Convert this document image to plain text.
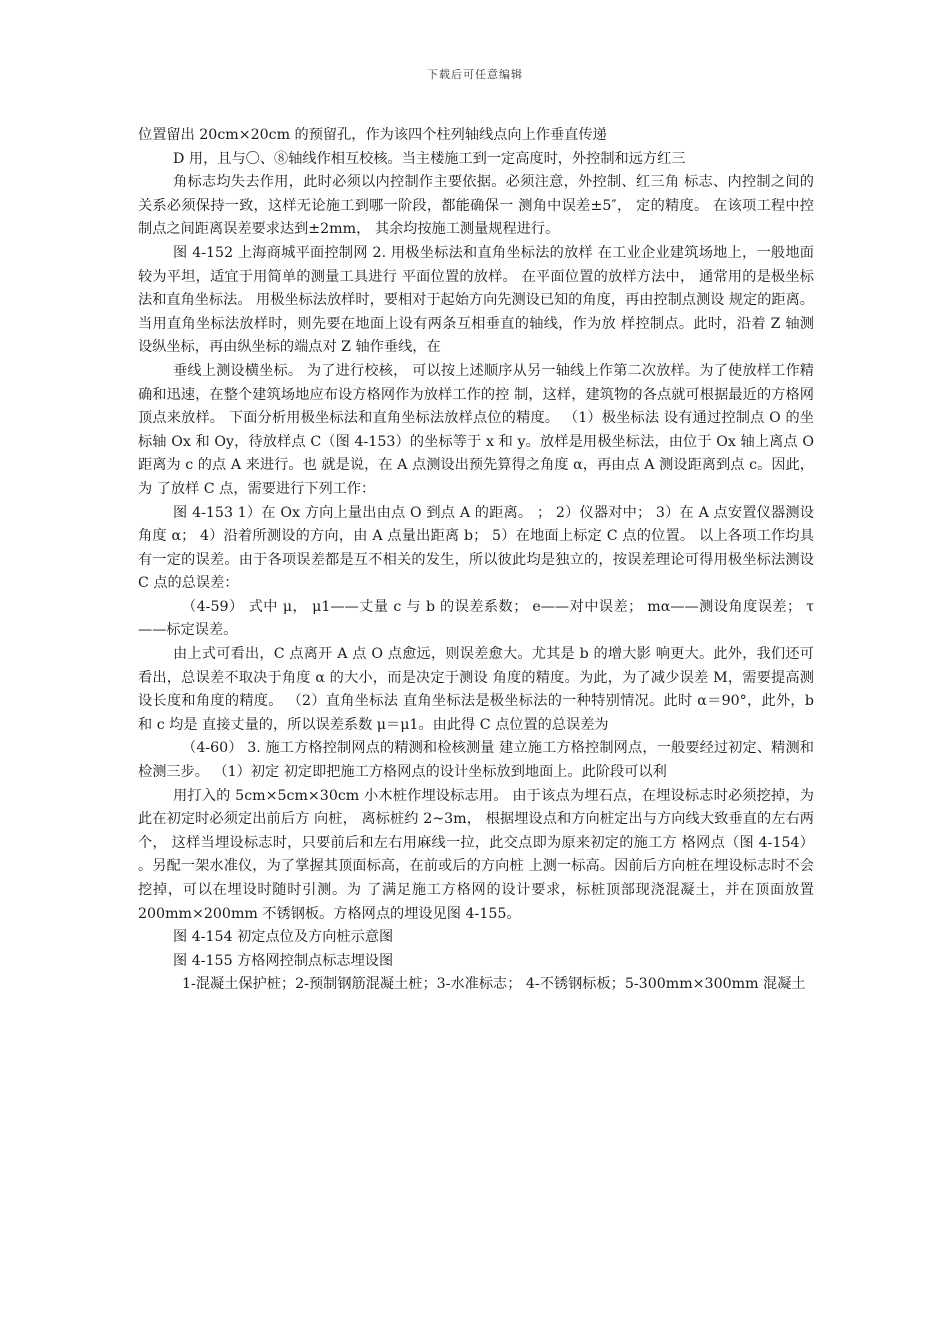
下载后可任意编辑

位置留出 20cm×20cm 的预留孔，作为该四个柱列轴线点向上作垂直传递

D 用，且与〇、⑧轴线作相互校核。当主楼施工到一定高度时，外控制和远方红三

角标志均失去作用，此时必须以内控制作主要依据。必须注意，外控制、红三角 标志、内控制之间的关系必须保持一致，这样无论施工到哪一阶段，都能确保一 测角中误差±5″， 定的精度。 在该项工程中控制点之间距离误差要求达到±2mm， 其余均按施工测量规程进行。

图 4-152 上海商城平面控制网 2. 用极坐标法和直角坐标法的放样 在工业企业建筑场地上，一般地面较为平坦，适宜于用简单的测量工具进行 平面位置的放样。 在平面位置的放样方法中， 通常用的是极坐标法和直角坐标法。 用极坐标法放样时，要相对于起始方向先测设已知的角度，再由控制点测设 规定的距离。 当用直角坐标法放样时，则先要在地面上设有两条互相垂直的轴线，作为放 样控制点。此时，沿着 Z 轴测设纵坐标，再由纵坐标的端点对 Z 轴作垂线，在

垂线上测设横坐标。 为了进行校核， 可以按上述顺序从另一轴线上作第二次放样。为了使放样工作精确和迅速，在整个建筑场地应布设方格网作为放样工作的控 制，这样，建筑物的各点就可根据最近的方格网顶点来放样。 下面分析用极坐标法和直角坐标法放样点位的精度。 （1）极坐标法 设有通过控制点 O 的坐标轴 Ox 和 Oy，待放样点 C（图 4-153）的坐标等于 x 和 y。放样是用极坐标法，由位于 Ox 轴上离点 O 距离为 c 的点 A 来进行。也 就是说，在 A 点测设出预先算得之角度 α，再由点 A 测设距离到点 c。因此，为 了放样 C 点，需要进行下列工作：

图 4-153 1）在 Ox 方向上量出由点 O 到点 A 的距离。 ； 2）仪器对中； 3）在 A 点安置仪器测设角度 α； 4）沿着所测设的方向，由 A 点量出距离 b； 5）在地面上标定 C 点的位置。 以上各项工作均具有一定的误差。由于各项误差都是互不相关的发生，所以彼此均是独立的，按误差理论可得用极坐标法测设 C 点的总误差：

（4-59） 式中 μ， μ1——丈量 c 与 b 的误差系数； e——对中误差； mα——测设角度误差； τ——标定误差。

由上式可看出，C 点离开 A 点 O 点愈远，则误差愈大。尤其是 b 的增大影 响更大。此外，我们还可看出，总误差不取决于角度 α 的大小，而是决定于测设 角度的精度。为此，为了减少误差 M，需要提高测设长度和角度的精度。 （2）直角坐标法 直角坐标法是极坐标法的一种特别情况。此时 α＝90°，此外，b 和 c 均是 直接丈量的，所以误差系数 μ＝μ1。由此得 C 点位置的总误差为

（4-60） 3. 施工方格控制网点的精测和检核测量 建立施工方格控制网点，一般要经过初定、精测和检测三步。 （1）初定 初定即把施工方格网点的设计坐标放到地面上。此阶段可以利

用打入的 5cm×5cm×30cm 小木桩作埋设标志用。 由于该点为埋石点，在埋设标志时必须挖掉，为此在初定时必须定出前后方 向桩， 离标桩约 2~3m， 根据埋设点和方向桩定出与方向线大致垂直的左右两个， 这样当埋设标志时，只要前后和左右用麻线一拉，此交点即为原来初定的施工方 格网点（图 4-154） 。另配一架水准仪，为了掌握其顶面标高，在前或后的方向桩 上测一标高。因前后方向桩在埋设标志时不会挖掉，可以在埋设时随时引测。为 了满足施工方格网的设计要求，标桩顶部现浇混凝土，并在顶面放置 200mm×200mm 不锈钢板。方格网点的埋设见图 4-155。

图 4-154 初定点位及方向桩示意图

图 4-155 方格网控制点标志埋设图

1-混凝土保护桩；2-预制钢筋混凝土桩；3-水准标志； 4-不锈钢标板；5-300mm×300mm 混凝土
